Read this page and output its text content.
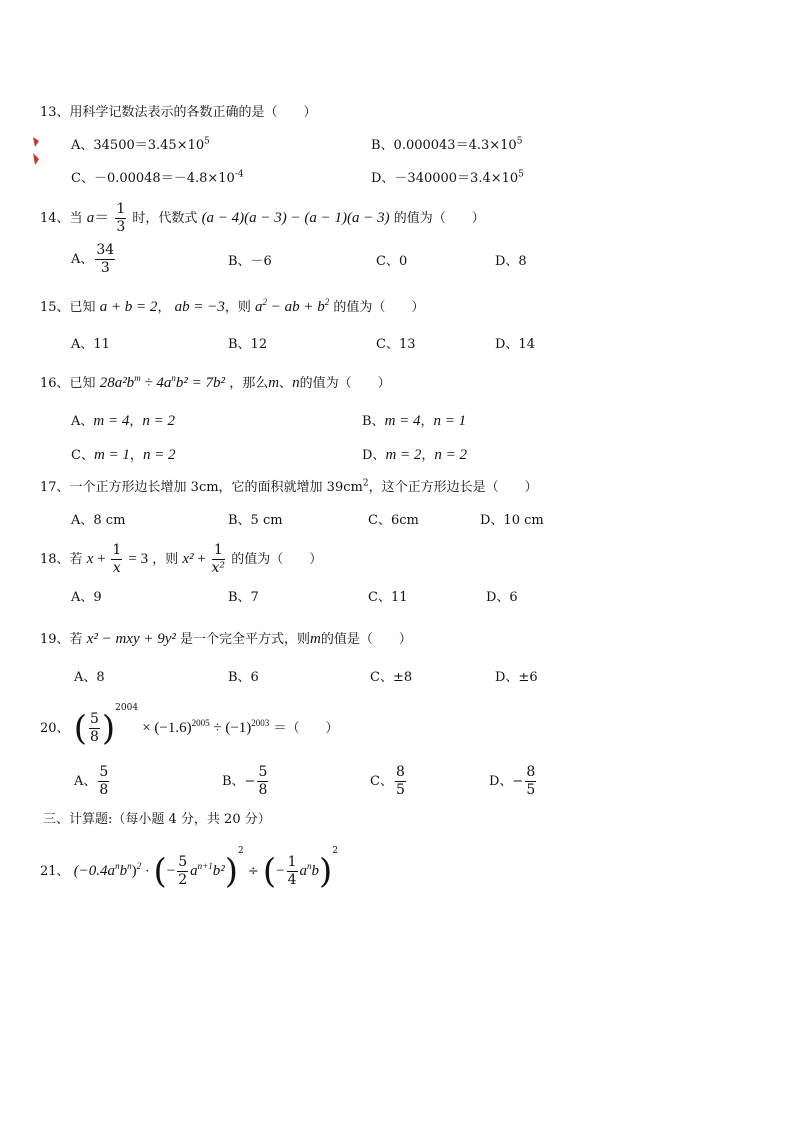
13、用科学记数法表示的各数正确的是（　　）
A、$34500=3.45\times 10^5$	B、$0.000043=4.3\times 10^5$
C、$-0.00048=-4.8\times 10^{-4}$	D、$-340000=3.4\times 10^5$
14、当 $a= \frac{1}{3}$ 时，代数式 (a − 4)(a − 3) − (a − 1)(a − 3) 的值为（　　）
A、 $\frac{34}{3}$	B、－6	C、0	D、8
15、已知 a + b = 2， ab = −3，则 $a^2$ − ab + $b^2$ 的值为（　　）
A、11	B、12	C、13	D、14
16、已知 $28a^2b^m \div 4a^nb^2 = 7b^2$ ，那么m、n的值为（　　）
A、m = 4，n = 2	B、m = 4，n = 1
C、m = 1，n = 2	D、m = 2，n = 2
17、一个正方形边长增加 3cm，它的面积就增加 $39cm^2$，这个正方形边长是（　　）
A、8 cm	B、5 cm	C、6cm	D、10 cm
18、若 $x + \frac{1}{x} = 3$ ，则 $x^2 + \frac{1}{\text{x²}}$ 的值为（　　）
A、9	B、7	C、11	D、6
19、若 x² − mxy + 9y² 是一个完全平方式，则m的值是（　　）
A、8	B、6	C、±8	D、±6
20、 ( $\frac{5}{8} )^{2004} \times (-1.6)^{2005} \div (-1)^{2003}$ ＝（　　）
A、 $\frac{5}{8}$	B、− $\frac{5}{8}$	C、 $\frac{8}{5}$	D、− $\frac{8}{5}$
三、计算题:（每小题 4 分，共 20 分）
21、 $(-0.4a^nb^n)^2$ · (− $\frac{5}{2} a^{n+1}b^2)^2$ ÷ (− $\frac{1}{4} a^nb)^2$
